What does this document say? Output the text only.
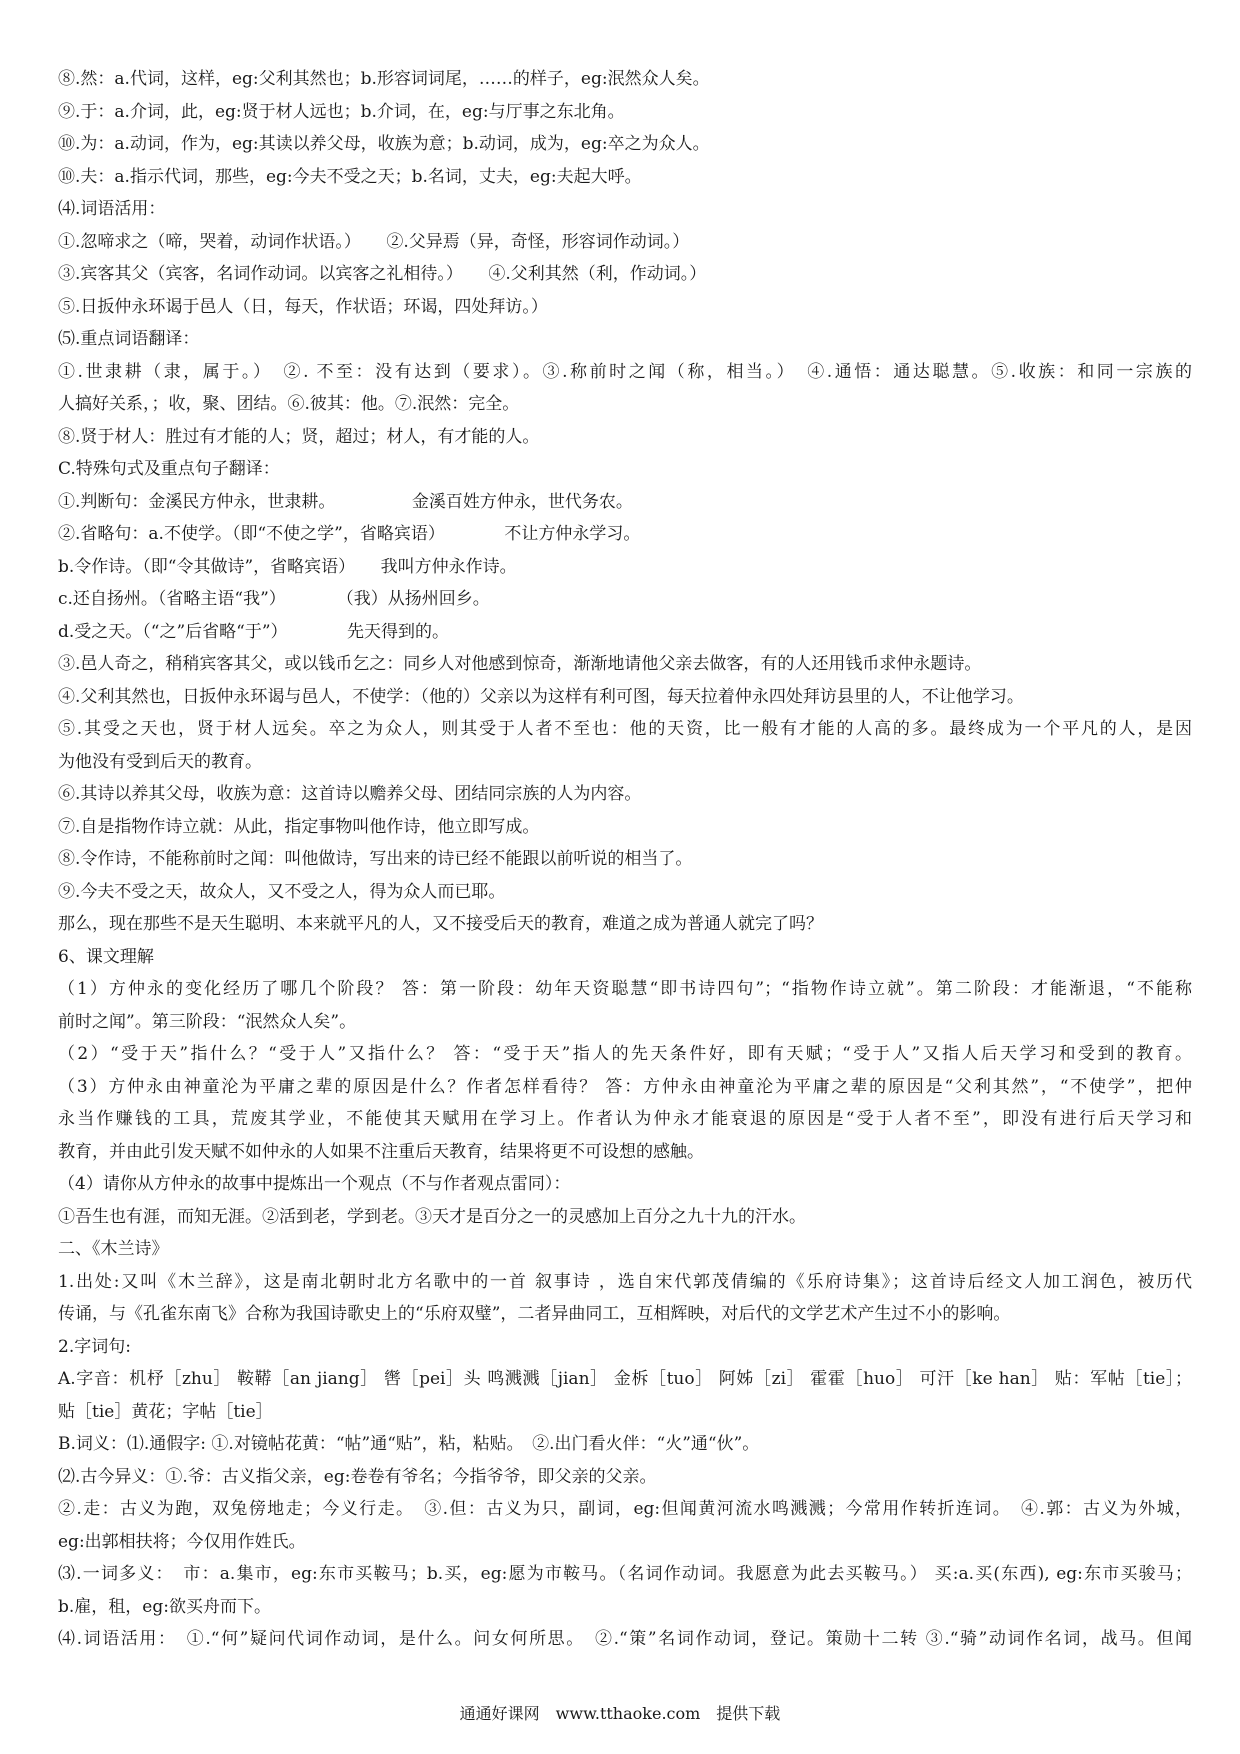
⑧.然：a.代词，这样，eg:父利其然也；b.形容词词尾，……的样子，eg:泯然众人矣。
⑨.于：a.介词，此，eg:贤于材人远也；b.介词，在，eg:与厅事之东北角。
⑩.为：a.动词，作为，eg:其读以养父母，收族为意；b.动词，成为，eg:卒之为众人。
⑩.夫：a.指示代词，那些，eg:今夫不受之天；b.名词，丈夫，eg:夫起大呼。
⑷.词语活用：
①.忽啼求之（啼，哭着，动词作状语。）　　②.父异焉（异，奇怪，形容词作动词。）
③.宾客其父（宾客，名词作动词。以宾客之礼相待。）　　④.父利其然（利，作动词。）
⑤.日扳仲永环谒于邑人（日，每天，作状语；环谒，四处拜访。）
⑸.重点词语翻译：
①.世隶耕（隶，属于。）　②. 不至：没有达到（要求）。③.称前时之闻（称，相当。）　④.通悟：通达聪慧。⑤.收族：和同一宗族的
人搞好关系，；收，聚、团结。⑥.彼其：他。⑦.泯然：完全。
⑧.贤于材人：胜过有才能的人；贤，超过；材人，有才能的人。
C.特殊句式及重点句子翻译：
①.判断句：金溪民方仲永，世隶耕。　　　　　金溪百姓方仲永，世代务农。
②.省略句：a.不使学。（即“不使之学”，省略宾语）　　　　不让方仲永学习。
b.令作诗。（即“令其做诗”，省略宾语）　　我叫方仲永作诗。
c.还自扬州。（省略主语“我”）　　　　（我）从扬州回乡。
d.受之天。（“之”后省略“于”）　　　　先天得到的。
③.邑人奇之，稍稍宾客其父，或以钱币乞之：同乡人对他感到惊奇，渐渐地请他父亲去做客，有的人还用钱币求仲永题诗。
④.父利其然也，日扳仲永环谒与邑人，不使学：（他的）父亲以为这样有利可图，每天拉着仲永四处拜访县里的人，不让他学习。
⑤.其受之天也，贤于材人远矣。卒之为众人，则其受于人者不至也：他的天资，比一般有才能的人高的多。最终成为一个平凡的人，是因
为他没有受到后天的教育。
⑥.其诗以养其父母，收族为意：这首诗以赡养父母、团结同宗族的人为内容。
⑦.自是指物作诗立就：从此，指定事物叫他作诗，他立即写成。
⑧.令作诗，不能称前时之闻：叫他做诗，写出来的诗已经不能跟以前听说的相当了。
⑨.今夫不受之天，故众人，又不受之人，得为众人而已耶。
那么，现在那些不是天生聪明、本来就平凡的人，又不接受后天的教育，难道之成为普通人就完了吗？
6、课文理解
（1）方仲永的变化经历了哪几个阶段？ 答：第一阶段：幼年天资聪慧“即书诗四句”；“指物作诗立就”。第二阶段：才能渐退，“不能称
前时之闻”。第三阶段：“泯然众人矣”。
（2）“受于天”指什么？“受于人”又指什么？ 答：“受于天”指人的先天条件好，即有天赋；“受于人”又指人后天学习和受到的教育。
（3）方仲永由神童沦为平庸之辈的原因是什么？作者怎样看待？ 答：方仲永由神童沦为平庸之辈的原因是“父利其然”，“不使学”，把仲
永当作赚钱的工具，荒废其学业，不能使其天赋用在学习上。作者认为仲永才能衰退的原因是“受于人者不至”，即没有进行后天学习和
教育，并由此引发天赋不如仲永的人如果不注重后天教育，结果将更不可设想的感触。
（4）请你从方仲永的故事中提炼出一个观点（不与作者观点雷同）：
①吾生也有涯，而知无涯。②活到老，学到老。③天才是百分之一的灵感加上百分之九十九的汗水。
二、《木兰诗》
1.出处:又叫《木兰辞》，这是南北朝时北方名歌中的一首 叙事诗 ，选自宋代郭茂倩编的《乐府诗集》；这首诗后经文人加工润色，被历代
传诵，与《孔雀东南飞》合称为我国诗歌史上的“乐府双璧”，二者异曲同工，互相辉映，对后代的文学艺术产生过不小的影响。
2.字词句:
A.字音：机杼［zhu］ 鞍鞯［an jiang］ 辔［pei］头 鸣溅溅［jian］ 金柝［tuo］ 阿姊［zi］ 霍霍［huo］ 可汗［ke han］ 贴：军帖［tie］；
贴［tie］黄花；字帖［tie］
B.词义：⑴.通假字: ①.对镜帖花黄：“帖”通“贴”，粘，粘贴。　②.出门看火伴：“火”通“伙”。
⑵.古今异义：①.爷：古义指父亲，eg:卷卷有爷名；今指爷爷，即父亲的父亲。
②.走：古义为跑，双兔傍地走；今义行走。　③.但：古义为只，副词，eg:但闻黄河流水鸣溅溅；今常用作转折连词。　④.郭：古义为外城，
eg:出郭相扶将；今仅用作姓氏。
⑶.一词多义：　市：a.集市，eg:东市买鞍马；b.买，eg:愿为市鞍马。（名词作动词。我愿意为此去买鞍马。） 买:a.买(东西), eg:东市买骏马；
b.雇，租，eg:欲买舟而下。
⑷.词语活用：　①.“何”疑问代词作动词，是什么。问女何所思。　②.“策”名词作动词，登记。策勋十二转 ③.“骑”动词作名词，战马。但闻
通通好课网　www.tthaoke.com　提供下载
